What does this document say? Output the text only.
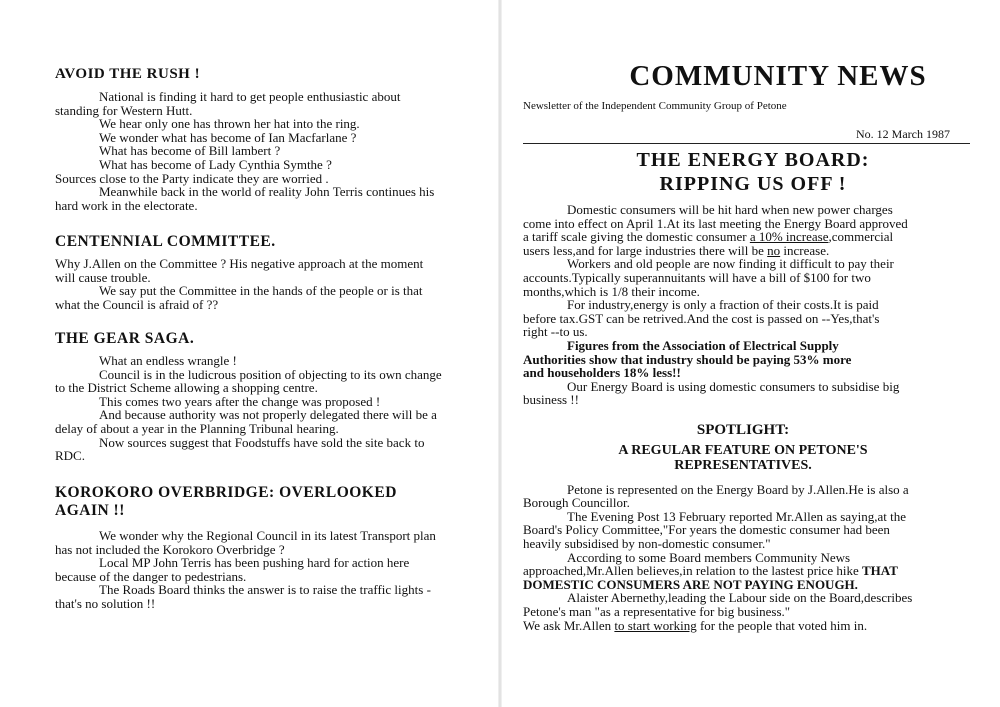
AVOID THE RUSH !

National is finding it hard to get people enthusiastic about

standing for Western Hutt.

We hear only one has thrown her hat into the ring.

We wonder what has become of Ian Macfarlane ?

What has become of Bill lambert ?

What has become of Lady Cynthia Symthe ?

Sources close to the Party indicate they are worried .

Meanwhile back in the world of reality John Terris continues his

hard work in the electorate.

CENTENNIAL COMMITTEE.

Why J.Allen on the Committee ? His negative approach at the moment

will cause trouble.

We say put the Committee in the hands of the people or is that

what the Council is afraid of ??

THE GEAR SAGA.

What an endless wrangle !

Council is in the ludicrous position of objecting to its own change

to the District Scheme allowing a shopping centre.

This comes two years after the change was proposed !

And because authority was not properly delegated there will be a

delay of about a year in the Planning Tribunal hearing.

Now sources suggest that Foodstuffs have sold the site back to

RDC.

KOROKORO OVERBRIDGE: OVERLOOKED
AGAIN !!

We wonder why the Regional Council in its latest Transport plan

has not included the Korokoro Overbridge ?

Local MP John Terris has been pushing hard for action here

because of the danger to pedestrians.

The Roads Board thinks the answer is to raise the traffic lights -

that's no solution !!

COMMUNITY NEWS
Newsletter of the Independent Community Group of Petone
No. 12 March 1987
THE ENERGY BOARD:
RIPPING US OFF !

Domestic consumers will be hit hard when new power charges

come into effect on April 1.At its last meeting the Energy Board approved

a tariff scale giving the domestic consumer a 10% increase,commercial

users less,and for large industries there will be no increase.

Workers and old people are now finding it difficult to pay their

accounts.Typically superannuitants will have a bill of $100 for two

months,which is 1/8 their income.

For industry,energy is only a fraction of their costs.It is paid

before tax.GST can be retrived.And the cost is passed on --Yes,that's

right --to us.

Figures from the Association of Electrical Supply

Authorities show that industry should be paying 53% more

and householders 18% less!!

Our Energy Board is using domestic consumers to subsidise big

business !!

SPOTLIGHT:

A REGULAR FEATURE ON PETONE'S

REPRESENTATIVES.

Petone is represented on the Energy Board by J.Allen.He is also a

Borough Councillor.

The Evening Post 13 February reported Mr.Allen as saying,at the

Board's Policy Committee,"For years the domestic consumer had been

heavily subsidised by non-domestic consumer."

According to some Board members Community News

approached,Mr.Allen believes,in relation to the lastest price hike THAT

DOMESTIC CONSUMERS ARE NOT PAYING ENOUGH.

Alaister Abernethy,leading the Labour side on the Board,describes

Petone's man "as a representative for big business."

We ask Mr.Allen to start working for the people that voted him in.
